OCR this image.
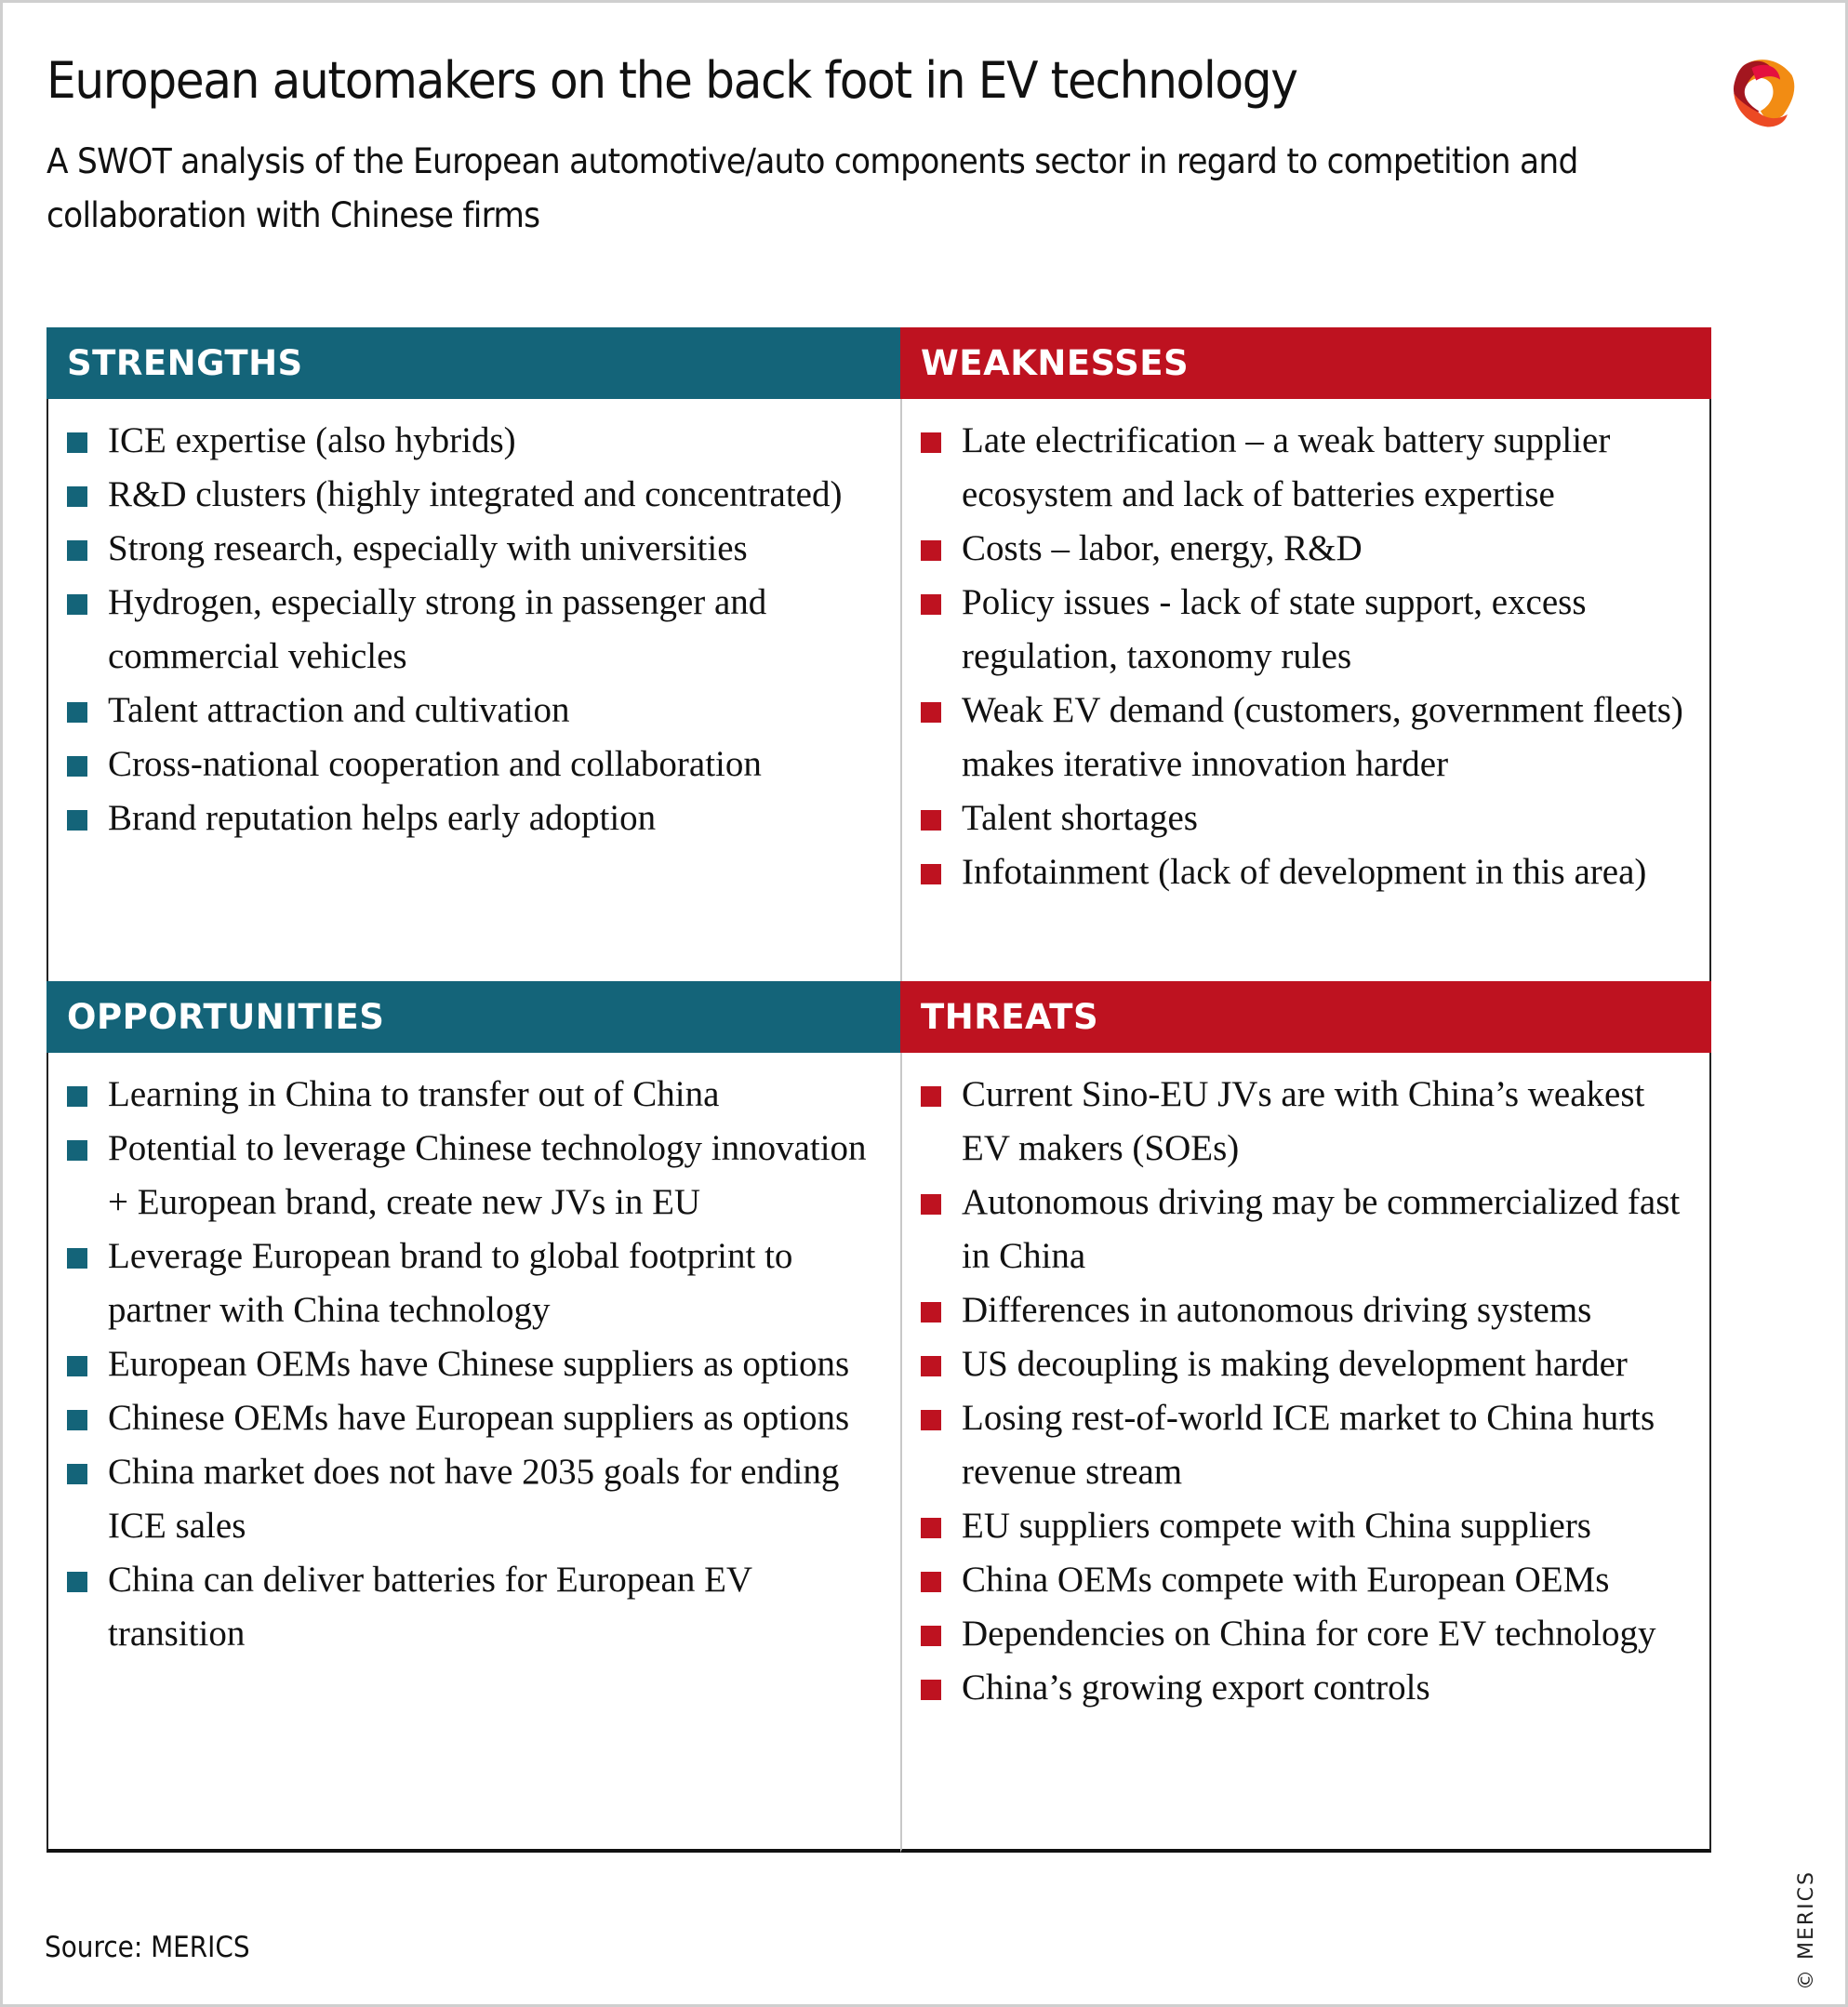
European automakers on the back foot in EV technology
A SWOT analysis of the European automotive/auto components sector in regard to competition and collaboration with Chinese firms
STRENGTHS
ICE expertise (also hybrids)
R&D clusters (highly integrated and concentrated)
Strong research, especially with universities
Hydrogen, especially strong in passenger and commercial vehicles
Talent attraction and cultivation
Cross-national cooperation and collaboration
Brand reputation helps early adoption
WEAKNESSES
Late electrification – a weak battery supplier ecosystem and lack of batteries expertise
Costs – labor, energy, R&D
Policy issues - lack of state support, excess regulation, taxonomy rules
Weak EV demand (customers, government fleets) makes iterative innovation harder
Talent shortages
Infotainment (lack of development in this area)
OPPORTUNITIES
Learning in China to transfer out of China
Potential to leverage Chinese technology innovation + European brand, create new JVs in EU
Leverage European brand to global footprint to partner with China technology
European OEMs have Chinese suppliers as options
Chinese OEMs have European suppliers as options
China market does not have 2035 goals for ending ICE sales
China can deliver batteries for European EV transition
THREATS
Current Sino-EU JVs are with China’s weakest EV makers (SOEs)
Autonomous driving may be commercialized fast in China
Differences in autonomous driving systems
US decoupling is making development harder
Losing rest-of-world ICE market to China hurts revenue stream
EU suppliers compete with China suppliers
China OEMs compete with European OEMs
Dependencies on China for core EV technology
China’s growing export controls
Source: MERICS	© MERICS
